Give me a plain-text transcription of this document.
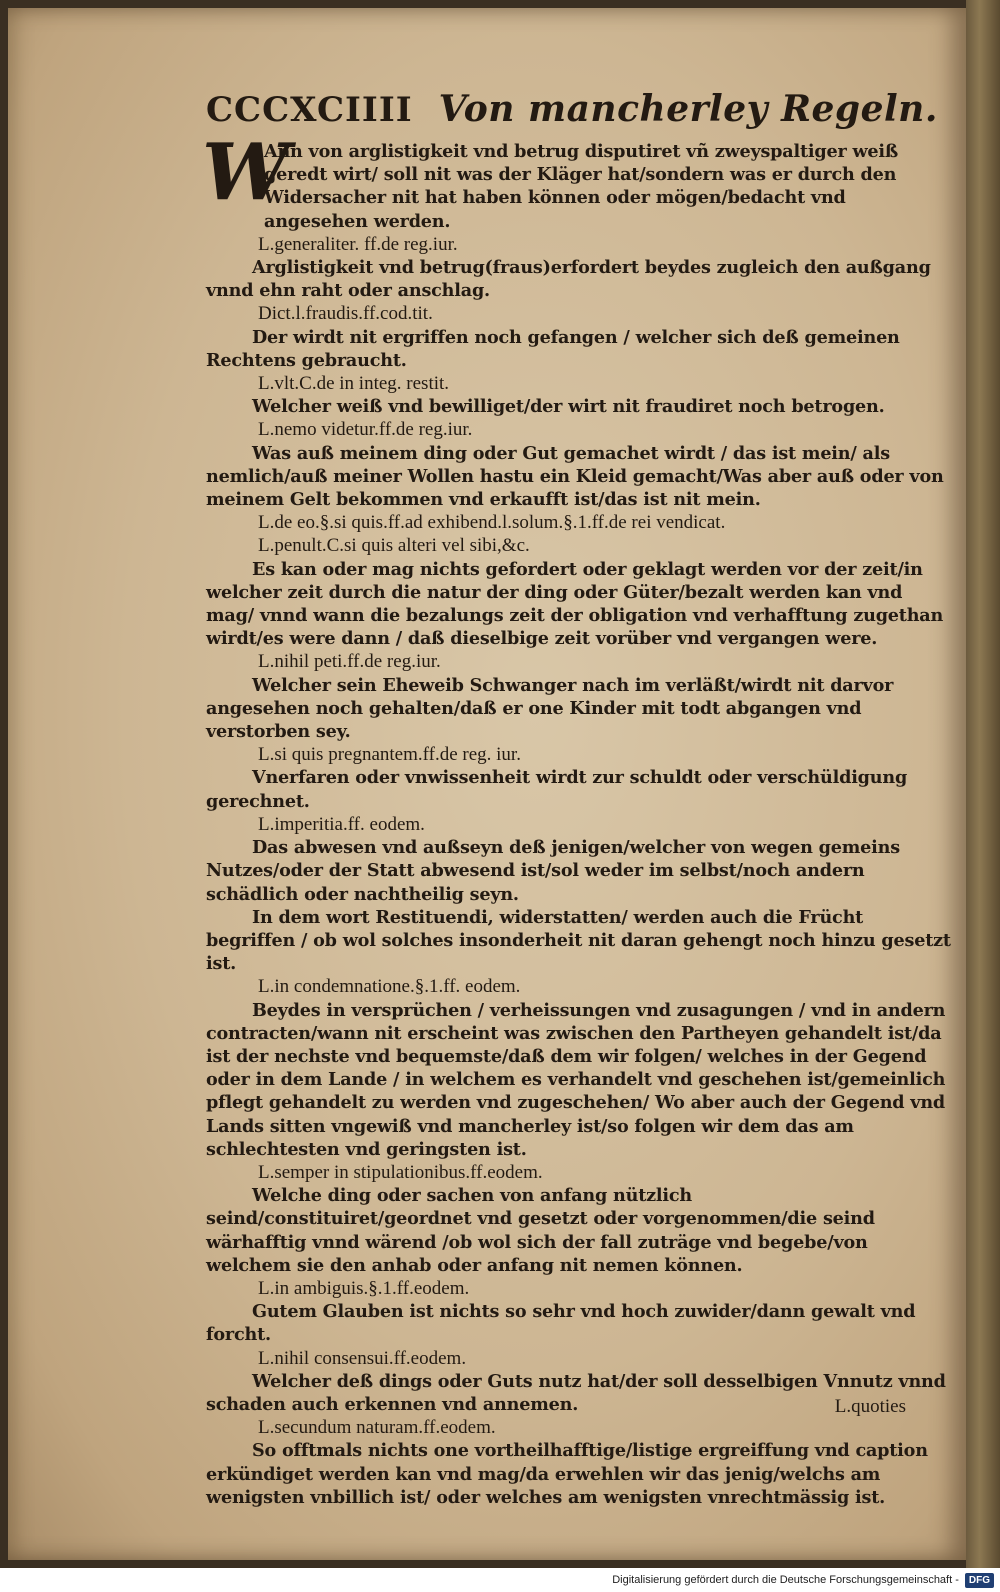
CCCXCIIII Von mancherley Regeln.

W
Ann von arglistigkeit vnd betrug disputiret vñ zweyspaltiger weiß geredt wirt/ soll nit was der Kläger hat/sondern was er durch den Widersacher nit hat haben können oder mögen/bedacht vnd angesehen werden.

L.generaliter. ff.de reg.iur.

Arglistigkeit vnd betrug(fraus)erfordert beydes zugleich den außgang vnnd ehn raht oder anschlag.

Dict.l.fraudis.ff.cod.tit.

Der wirdt nit ergriffen noch gefangen / welcher sich deß gemeinen Rechtens gebraucht.

L.vlt.C.de in integ. restit.

Welcher weiß vnd bewilliget/der wirt nit fraudiret noch betrogen.

L.nemo videtur.ff.de reg.iur.

Was auß meinem ding oder Gut gemachet wirdt / das ist mein/ als nemlich/auß meiner Wollen hastu ein Kleid gemacht/Was aber auß oder von meinem Gelt bekommen vnd erkaufft ist/das ist nit mein.

L.de eo.§.si quis.ff.ad exhibend.l.solum.§.1.ff.de rei vendicat.

L.penult.C.si quis alteri vel sibi,&c.

Es kan oder mag nichts gefordert oder geklagt werden vor der zeit/in welcher zeit durch die natur der ding oder Güter/bezalt werden kan vnd mag/ vnnd wann die bezalungs zeit der obligation vnd verhafftung zugethan wirdt/es were dann / daß dieselbige zeit vorüber vnd vergangen were.

L.nihil peti.ff.de reg.iur.

Welcher sein Eheweib Schwanger nach im verläßt/wirdt nit darvor angesehen noch gehalten/daß er one Kinder mit todt abgangen vnd verstorben sey.

L.si quis pregnantem.ff.de reg. iur.

Vnerfaren oder vnwissenheit wirdt zur schuldt oder verschüldigung gerechnet.

L.imperitia.ff. eodem.

Das abwesen vnd außseyn deß jenigen/welcher von wegen gemeins Nutzes/oder der Statt abwesend ist/sol weder im selbst/noch andern schädlich oder nachtheilig seyn.

In dem wort Restituendi, widerstatten/ werden auch die Frücht begriffen / ob wol solches insonderheit nit daran gehengt noch hinzu gesetzt ist.

L.in condemnatione.§.1.ff. eodem.

Beydes in versprüchen / verheissungen vnd zusagungen / vnd in andern contracten/wann nit erscheint was zwischen den Partheyen gehandelt ist/da ist der nechste vnd bequemste/daß dem wir folgen/ welches in der Gegend oder in dem Lande / in welchem es verhandelt vnd geschehen ist/gemeinlich pflegt gehandelt zu werden vnd zugeschehen/ Wo aber auch der Gegend vnd Lands sitten vngewiß vnd mancherley ist/so folgen wir dem das am schlechtesten vnd geringsten ist.

L.semper in stipulationibus.ff.eodem.

Welche ding oder sachen von anfang nützlich seind/constituiret/geordnet vnd gesetzt oder vorgenommen/die seind wärhafftig vnnd wärend /ob wol sich der fall zuträge vnd begebe/von welchem sie den anhab oder anfang nit nemen können.

L.in ambiguis.§.1.ff.eodem.

Gutem Glauben ist nichts so sehr vnd hoch zuwider/dann gewalt vnd forcht.

L.nihil consensui.ff.eodem.

Welcher deß dings oder Guts nutz hat/der soll desselbigen Vnnutz vnnd schaden auch erkennen vnd annemen.

L.secundum naturam.ff.eodem.

So offtmals nichts one vortheilhafftige/listige ergreiffung vnd caption erkündiget werden kan vnd mag/da erwehlen wir das jenig/welchs am wenigsten vnbillich ist/ oder welches am wenigsten vnrechtmässig ist.

L.quoties
Digitalisierung gefördert durch die Deutsche Forschungsgemeinschaft -	DFG
